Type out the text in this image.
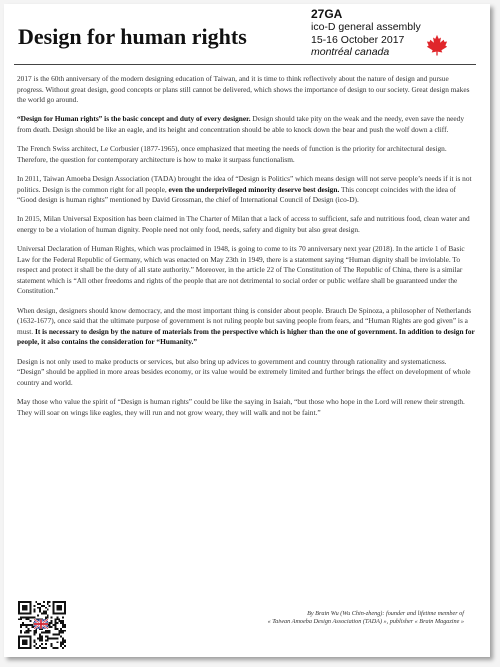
Design for human rights
27GA
ico-D general assembly
15-16 October 2017
montréal canada

2017 is the 60th anniversary of the modern designing education of Taiwan, and it is time to think reflectively about the nature of design and pursue progress. Without great design, good concepts or plans still cannot be delivered, which shows the importance of design to our society. Great design makes the world go around.

“Design for Human rights” is the basic concept and duty of every designer. Design should take pity on the weak and the needy, even save the needy from death. Design should be like an eagle, and its height and concentration should be able to knock down the bear and push the wolf down a cliff.

The French Swiss architect, Le Corbusier (1877-1965), once emphasized that meeting the needs of function is the priority for architectural design. Therefore, the question for contemporary architecture is how to make it surpass functionalism.

In 2011, Taiwan Amoeba Design Association (TADA) brought the idea of “Design is Politics” which means design will not serve people’s needs if it is not politics. Design is the common right for all people, even the underprivileged minority deserve best design. This concept coincides with the idea of “Good design is human rights” mentioned by David Grossman, the chief of International Council of Design (ico-D).

In 2015, Milan Universal Exposition has been claimed in The Charter of Milan that a lack of access to sufficient, safe and nutritious food, clean water and energy to be a violation of human dignity. People need not only food, needs, safety and dignity but also great design.

Universal Declaration of Human Rights, which was proclaimed in 1948, is going to come to its 70 anniversary next year (2018). In the article 1 of Basic Law for the Federal Republic of Germany, which was enacted on May 23th in 1949, there is a statement saying “Human dignity shall be inviolable. To respect and protect it shall be the duty of all state authority.” Moreover, in the article 22 of The Constitution of The Republic of China, there is a similar statement which is “All other freedoms and rights of the people that are not detrimental to social order or public welfare shall be guaranteed under the Constitution.”

When design, designers should know democracy, and the most important thing is consider about people. Brauch De Spinoza, a philosopher of Netherlands (1632-1677), once said that the ultimate purpose of government is not ruling people but saving people from fears, and “Human Rights are god given” is a must. It is necessary to design by the nature of materials from the perspective which is higher than the one of government. In addition to design for people, it also contains the consideration for “Humanity.”

Design is not only used to make products or services, but also bring up advices to government and country through rationality and systematicness. “Design” should be applied in more areas besides economy, or its value would be extremely limited and further brings the effect on development of whole country and world.

May those who value the spirit of “Design is human rights” could be like the saying in Isaiah, “but those who hope in the Lord will renew their strength. They will soar on wings like eagles, they will run and not grow weary, they will walk and not be faint.”

By Brain Wu (Wu Chin-zheng): founder and lifetime member of
« Taiwan Amoeba Design Association (TADA) », publisher « Brain Magazine »
